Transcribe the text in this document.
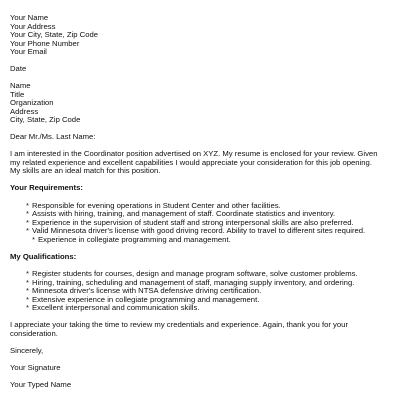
Your Name
Your Address
Your City, State, Zip Code
Your Phone Number
Your Email
Date
Name
Title
Organization
Address
City, State, Zip Code
Dear Mr./Ms. Last Name:
I am interested in the Coordinator position advertised on XYZ. My resume is enclosed for your review. Given my related experience and excellent capabilities I would appreciate your consideration for this job opening. My skills are an ideal match for this position.
Your Requirements:
* Responsible for evening operations in Student Center and other facilities.
* Assists with hiring, training, and management of staff. Coordinate statistics and inventory.
* Experience in the supervision of student staff and strong interpersonal skills are also preferred.
* Valid Minnesota driver's license with good driving record. Ability to travel to different sites required.
* Experience in collegiate programming and management.
My Qualifications:
* Register students for courses, design and manage program software, solve customer problems.
* Hiring, training, scheduling and management of staff, managing supply inventory, and ordering.
* Minnesota driver's license with NTSA defensive driving certification.
* Extensive experience in collegiate programming and management.
* Excellent interpersonal and communication skills.
I appreciate your taking the time to review my credentials and experience. Again, thank you for your consideration.
Sincerely,
Your Signature
Your Typed Name
